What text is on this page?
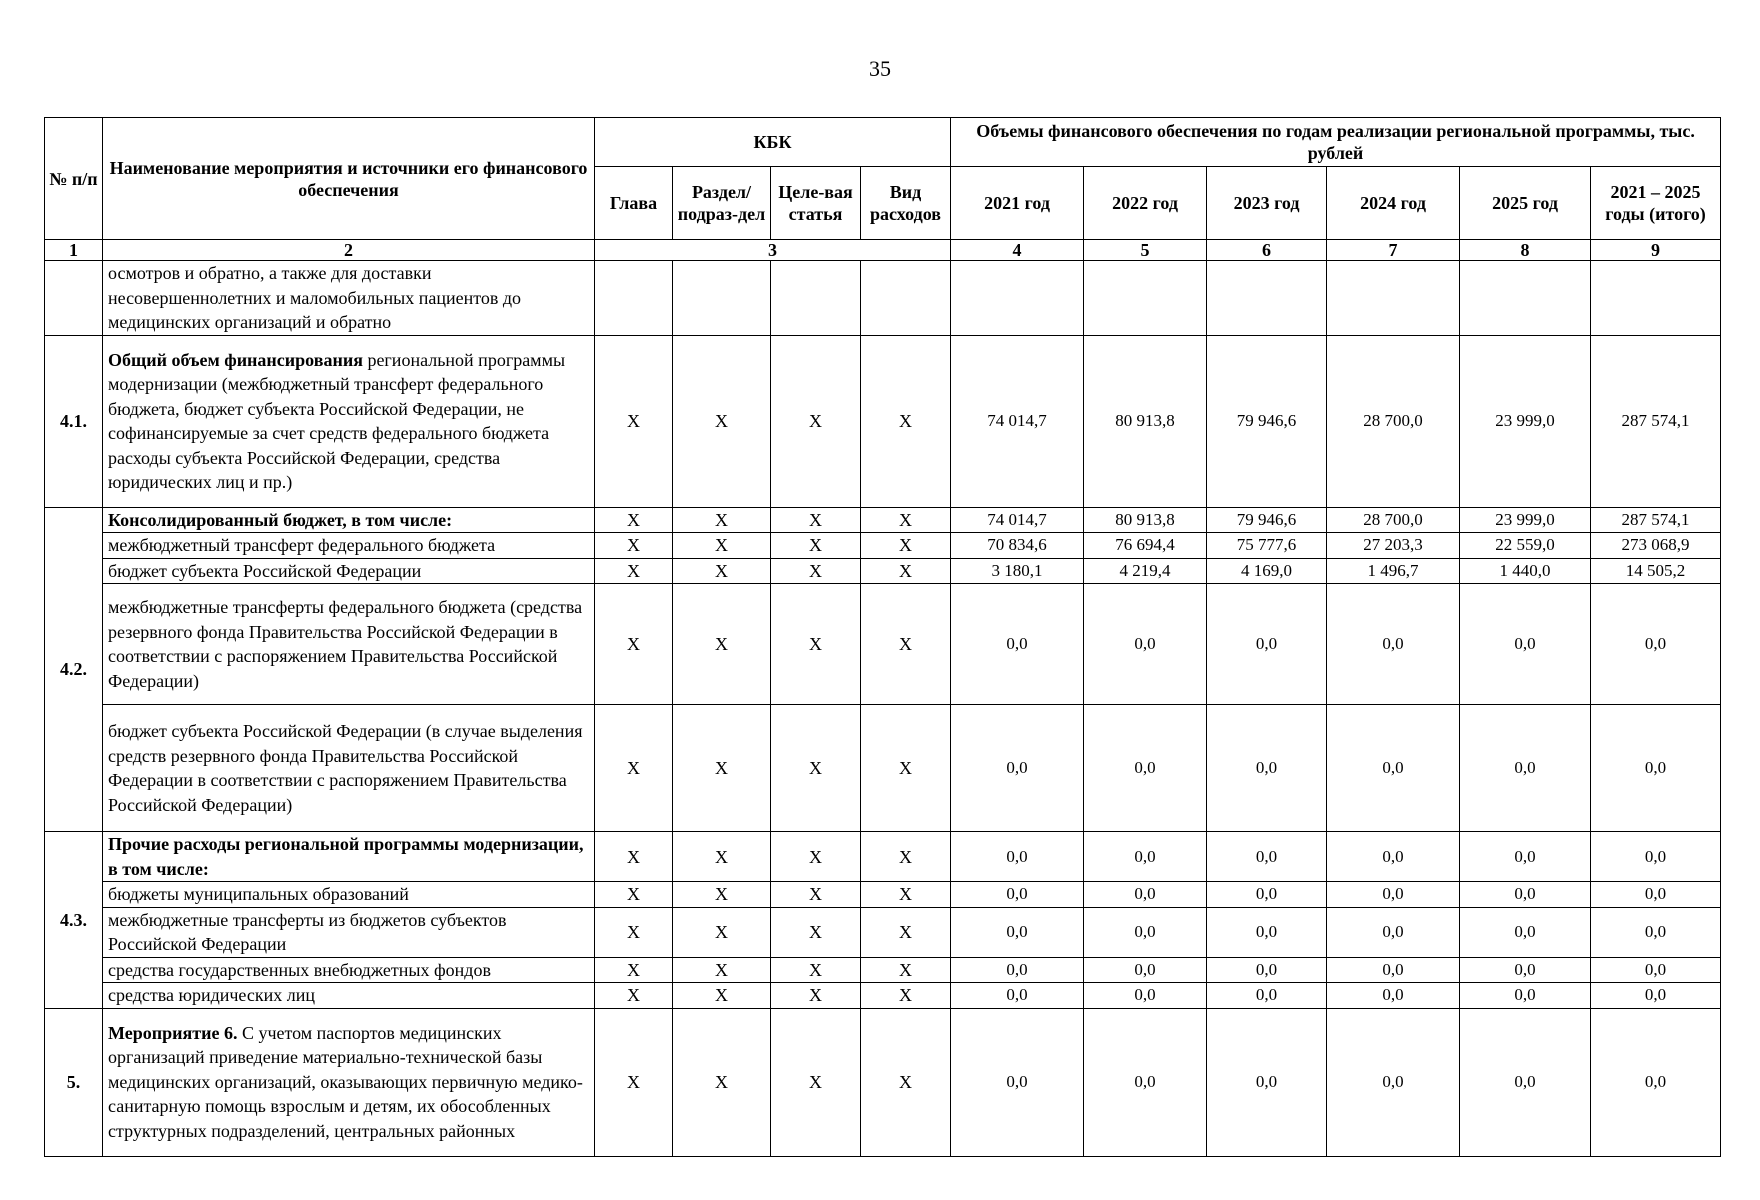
35
№ п/п	Наименование мероприятия и источники его финансового обеспечения	КБК				Объемы финансового обеспечения по годам реализации региональной программы, тыс. рублей					
		Глава	Раздел/ подраз-дел	Целе-вая статья	Вид расходов	2021 год	2022 год	2023 год	2024 год	2025 год	2021 – 2025 годы (итого)
1	2	3				4	5	6	7	8	9
	осмотров и обратно, а также для доставки несовершеннолетних и маломобильных пациентов до медицинских организаций и обратно										
4.1.	Общий объем финансирования региональной программы модернизации (межбюджетный трансферт федерального бюджета, бюджет субъекта Российской Федерации, не софинансируемые за счет средств федерального бюджета расходы субъекта Российской Федерации, средства юридических лиц и пр.)	Х	Х	Х	Х	74 014,7	80 913,8	79 946,6	28 700,0	23 999,0	287 574,1
4.2.	Консолидированный бюджет, в том числе:	Х	Х	Х	Х	74 014,7	80 913,8	79 946,6	28 700,0	23 999,0	287 574,1
	межбюджетный трансферт федерального бюджета	Х	Х	Х	Х	70 834,6	76 694,4	75 777,6	27 203,3	22 559,0	273 068,9
	бюджет субъекта Российской Федерации	Х	Х	Х	Х	3 180,1	4 219,4	4 169,0	1 496,7	1 440,0	14 505,2
	межбюджетные трансферты федерального бюджета (средства резервного фонда Правительства Российской Федерации в соответствии с распоряжением Правительства Российской Федерации)	Х	Х	Х	Х	0,0	0,0	0,0	0,0	0,0	0,0
	бюджет субъекта Российской Федерации (в случае выделения средств резервного фонда Правительства Российской Федерации в соответствии с распоряжением Правительства Российской Федерации)	Х	Х	Х	Х	0,0	0,0	0,0	0,0	0,0	0,0
4.3.	Прочие расходы региональной программы модернизации, в том числе:	Х	Х	Х	Х	0,0	0,0	0,0	0,0	0,0	0,0
	бюджеты муниципальных образований	Х	Х	Х	Х	0,0	0,0	0,0	0,0	0,0	0,0
	межбюджетные трансферты из бюджетов субъектов Российской Федерации	Х	Х	Х	Х	0,0	0,0	0,0	0,0	0,0	0,0
	средства государственных внебюджетных фондов	Х	Х	Х	Х	0,0	0,0	0,0	0,0	0,0	0,0
	средства юридических лиц	Х	Х	Х	Х	0,0	0,0	0,0	0,0	0,0	0,0
5.	Мероприятие 6. С учетом паспортов медицинских организаций приведение материально-технической базы медицинских организаций, оказывающих первичную медико-санитарную помощь взрослым и детям, их обособленных структурных подразделений, центральных районных	Х	Х	Х	Х	0,0	0,0	0,0	0,0	0,0	0,0
